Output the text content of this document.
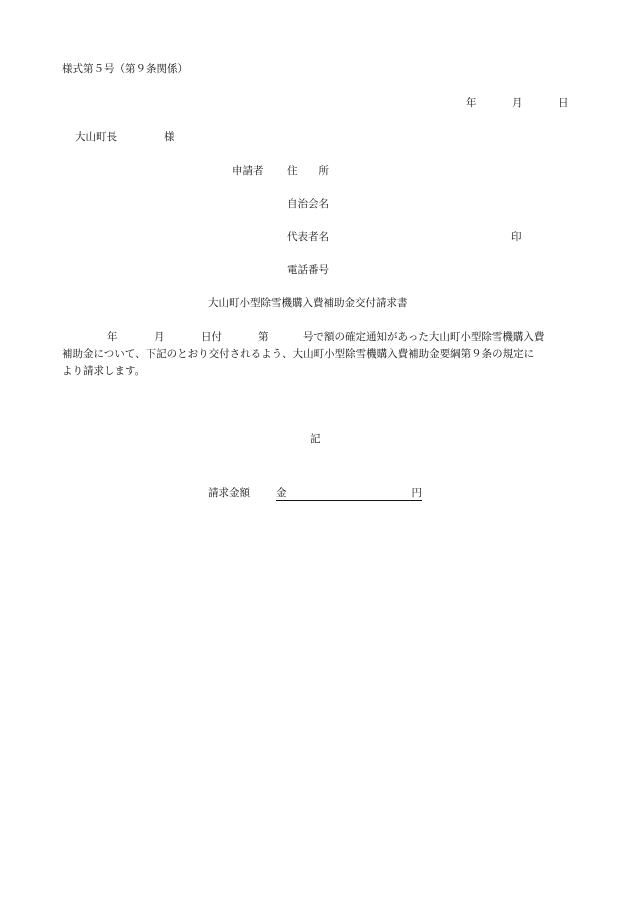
様式第５号（第９条関係）
年	月	日
大山町長	様
申請者 住　　所
自治会名
代表者名	印
電話番号
大山町小型除雪機購入費補助金交付請求書
年	月	日付	第	号で額の確定通知があった大山町小型除雪機購入費
補助金について、下記のとおり交付されるよう、大山町小型除雪機購入費補助金要綱第９条の規定に
より請求します。
記
請求金額 金	円
